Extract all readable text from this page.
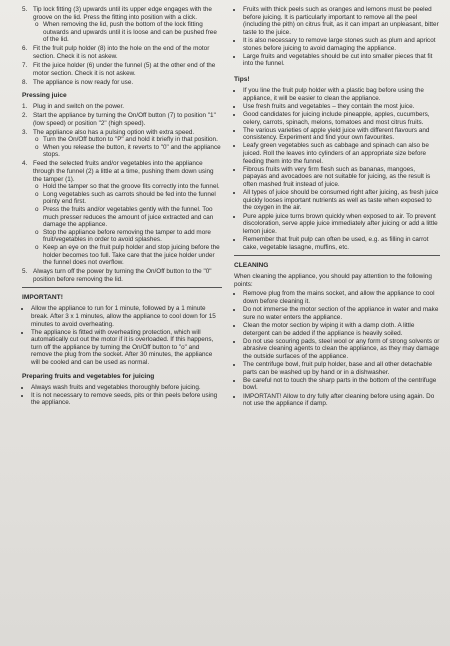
5. Tip lock fitting (3) upwards until its upper edge engages with the groove on the lid. Press the fitting into position with a click.
o When removing the lid, push the bottom of the lock fitting outwards and upwards until it is loose and can be pushed free of the lid.
6. Fit the fruit pulp holder (8) into the hole on the end of the motor section. Check it is not askew.
7. Fit the juice holder (6) under the funnel (5) at the other end of the motor section. Check it is not askew.
8. The appliance is now ready for use.
Pressing juice
1. Plug in and switch on the power.
2. Start the appliance by turning the On/Off button (7) to position "1" (low speed) or position "2" (high speed).
3. The appliance also has a pulsing option with extra speed.
o Turn the On/Off button to "P" and hold it briefly in that position.
o When you release the button, it reverts to "0" and the appliance stops.
4. Feed the selected fruits and/or vegetables into the appliance through the funnel (2) a little at a time, pushing them down using the tamper (1).
o Hold the tamper so that the groove fits correctly into the funnel.
o Long vegetables such as carrots should be fed into the funnel pointy end first.
o Press the fruits and/or vegetables gently with the funnel. Too much presser reduces the amount of juice extracted and can damage the appliance.
o Stop the appliance before removing the tamper to add more fruit/vegetables in order to avoid splashes.
o Keep an eye on the fruit pulp holder and stop juicing before the holder becomes too full. Take care that the juice holder under the funnel does not overflow.
5. Always turn off the power by turning the On/Off button to the "0" position before removing the lid.
IMPORTANT!
• Allow the appliance to run for 1 minute, followed by a 1 minute break. After 3 x 1 minutes, allow the appliance to cool down for 15 minutes to avoid overheating.
• The appliance is fitted with overheating protection, which will automatically cut out the motor if it is overloaded. If this happens, turn off the appliance by turning the On/Off button to "o" and remove the plug from the socket. After 30 minutes, the appliance will be cooled and can be used as normal.
Preparing fruits and vegetables for juicing
• Always wash fruits and vegetables thoroughly before juicing.
• It is not necessary to remove seeds, pits or thin peels before using the appliance.
• Fruits with thick peels such as oranges and lemons must be peeled before juicing. It is particularly important to remove all the peel (including the pith) on citrus fruit, as it can impart an unpleasant, bitter taste to the juice.
• It is also necessary to remove large stones such as plum and apricot stones before juicing to avoid damaging the appliance.
• Large fruits and vegetables should be cut into smaller pieces that fit into the funnel.
Tips!
• If you line the fruit pulp holder with a plastic bag before using the appliance, it will be easier to clean the appliance.
• Use fresh fruits and vegetables – they contain the most juice.
• Good candidates for juicing include pineapple, apples, cucumbers, celery, carrots, spinach, melons, tomatoes and most citrus fruits.
• The various varieties of apple yield juice with different flavours and consistency. Experiment and find your own favourites.
• Leafy green vegetables such as cabbage and spinach can also be juiced. Roll the leaves into cylinders of an appropriate size before feeding them into the funnel.
• Fibrous fruits with very firm flesh such as bananas, mangoes, papayas and avocadoes are not suitable for juicing, as the result is often mashed fruit instead of juice.
• All types of juice should be consumed right after juicing, as fresh juice quickly looses important nutrients as well as taste when exposed to the oxygen in the air.
• Pure apple juice turns brown quickly when exposed to air. To prevent discoloration, serve apple juice immediately after juicing or add a little lemon juice.
• Remember that fruit pulp can often be used, e.g. as filling in carrot cake, vegetable lasagne, muffins, etc.
CLEANING
When cleaning the appliance, you should pay attention to the following points:
• Remove plug from the mains socket, and allow the appliance to cool down before cleaning it.
• Do not immerse the motor section of the appliance in water and make sure no water enters the appliance.
• Clean the motor section by wiping it with a damp cloth. A little detergent can be added if the appliance is heavily soiled.
• Do not use scouring pads, steel wool or any form of strong solvents or abrasive cleaning agents to clean the appliance, as they may damage the outside surfaces of the appliance.
• The centrifuge bowl, fruit pulp holder, base and all other detachable parts can be washed up by hand or in a dishwasher.
• Be careful not to touch the sharp parts in the bottom of the centrifuge bowl.
• IMPORTANT! Allow to dry fully after cleaning before using again. Do not use the appliance if damp.
